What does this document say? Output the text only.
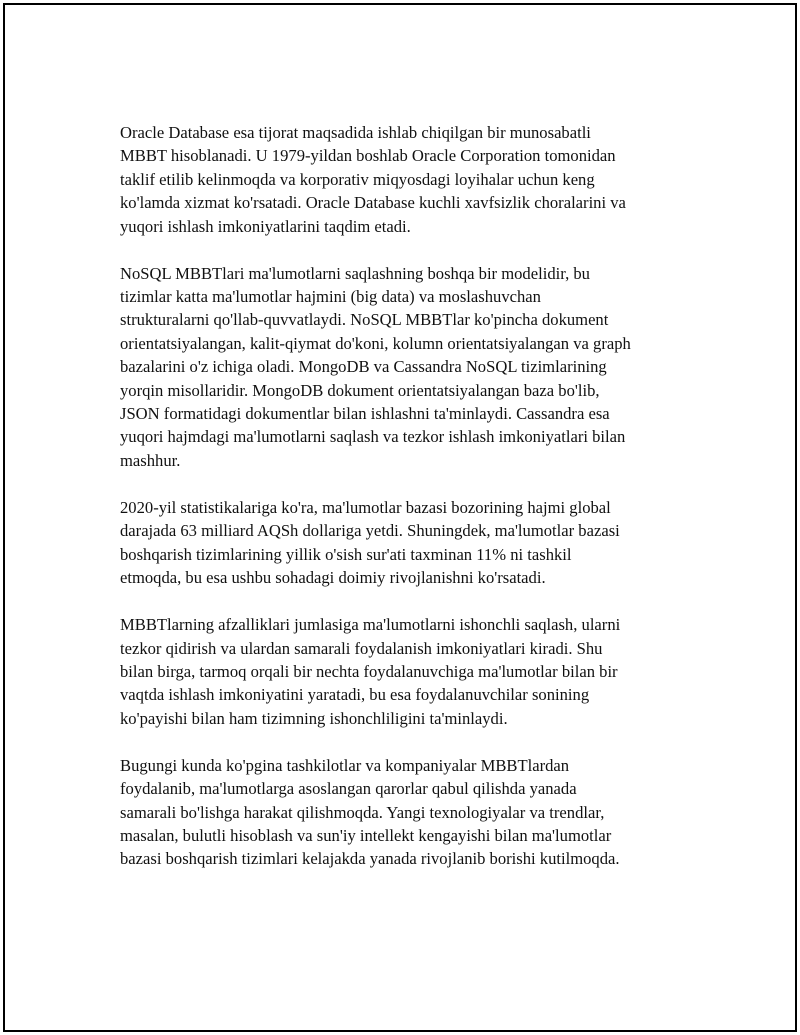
Oracle Database esa tijorat maqsadida ishlab chiqilgan bir munosabatli
MBBT hisoblanadi. U 1979-yildan boshlab Oracle Corporation tomonidan
taklif etilib kelinmoqda va korporativ miqyosdagi loyihalar uchun keng
ko'lamda xizmat ko'rsatadi. Oracle Database kuchli xavfsizlik choralarini va
yuqori ishlash imkoniyatlarini taqdim etadi.

NoSQL MBBTlari ma'lumotlarni saqlashning boshqa bir modelidir, bu
tizimlar katta ma'lumotlar hajmini (big data) va moslashuvchan
strukturalarni qo'llab-quvvatlaydi. NoSQL MBBTlar ko'pincha dokument
orientatsiyalangan, kalit-qiymat do'koni, kolumn orientatsiyalangan va graph
bazalarini o'z ichiga oladi. MongoDB va Cassandra NoSQL tizimlarining
yorqin misollaridir. MongoDB dokument orientatsiyalangan baza bo'lib,
JSON formatidagi dokumentlar bilan ishlashni ta'minlaydi. Cassandra esa
yuqori hajmdagi ma'lumotlarni saqlash va tezkor ishlash imkoniyatlari bilan
mashhur.

2020-yil statistikalariga ko'ra, ma'lumotlar bazasi bozorining hajmi global
darajada 63 milliard AQSh dollariga yetdi. Shuningdek, ma'lumotlar bazasi
boshqarish tizimlarining yillik o'sish sur'ati taxminan 11% ni tashkil
etmoqda, bu esa ushbu sohadagi doimiy rivojlanishni ko'rsatadi.

MBBTlarning afzalliklari jumlasiga ma'lumotlarni ishonchli saqlash, ularni
tezkor qidirish va ulardan samarali foydalanish imkoniyatlari kiradi. Shu
bilan birga, tarmoq orqali bir nechta foydalanuvchiga ma'lumotlar bilan bir
vaqtda ishlash imkoniyatini yaratadi, bu esa foydalanuvchilar sonining
ko'payishi bilan ham tizimning ishonchliligini ta'minlaydi.

Bugungi kunda ko'pgina tashkilotlar va kompaniyalar MBBTlardan
foydalanib, ma'lumotlarga asoslangan qarorlar qabul qilishda yanada
samarali bo'lishga harakat qilishmoqda. Yangi texnologiyalar va trendlar,
masalan, bulutli hisoblash va sun'iy intellekt kengayishi bilan ma'lumotlar
bazasi boshqarish tizimlari kelajakda yanada rivojlanib borishi kutilmoqda.
